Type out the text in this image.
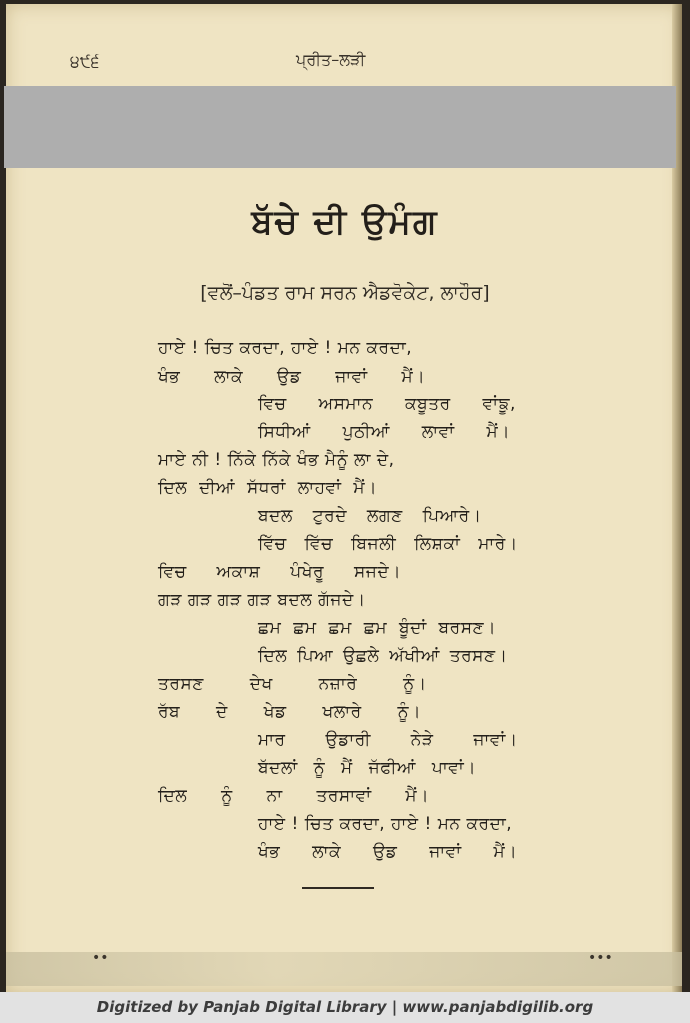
੪੯੬	ਪ੍ਰੀਤ–ਲੜੀ
ਬੱਚੇ ਦੀ ਉਮੰਗ
[ਵਲੋਂ–ਪੰਡਤ ਰਾਮ ਸਰਨ ਐਡਵੋਕੇਟ, ਲਾਹੌਰ]
ਹਾਏ ! ਚਿਤ ਕਰਦਾ, ਹਾਏ ! ਮਨ ਕਰਦਾ,
ਖੰਭ ਲਾਕੇ ਉਡ ਜਾਵਾਂ ਮੈਂ।
ਵਿਚ ਅਸਮਾਨ ਕਬੂਤਰ ਵਾਂਙੂ,
ਸਿਧੀਆਂ ਪੁਠੀਆਂ ਲਾਵਾਂ ਮੈਂ।
ਮਾਏ ਨੀ ! ਨਿੱਕੇ ਨਿੱਕੇ ਖੰਭ ਮੈਨੂੰ ਲਾ ਦੇ,
ਦਿਲ ਦੀਆਂ ਸੱਧਰਾਂ ਲਾਹਵਾਂ ਮੈਂ।
ਬਦਲ ਟੁਰਦੇ ਲਗਣ ਪਿਆਰੇ।
ਵਿੱਚ ਵਿੱਚ ਬਿਜਲੀ ਲਿਸ਼ਕਾਂ ਮਾਰੇ।
ਵਿਚ ਅਕਾਸ਼ ਪੰਖੇਰੂ ਸਜਦੇ।
ਗੜ ਗੜ ਗੜ ਗੜ ਬਦਲ ਗੱਜਦੇ।
ਛਮ ਛਮ ਛਮ ਛਮ ਬੂੰਦਾਂ ਬਰਸਣ।
ਦਿਲ ਪਿਆ ਉਛਲੇ ਅੱਖੀਆਂ ਤਰਸਣ।
ਤਰਸਣ ਦੇਖ ਨਜ਼ਾਰੇ ਨੂੰ।
ਰੱਬ ਦੇ ਖੇਡ ਖਲਾਰੇ ਨੂੰ।
ਮਾਰ ਉਡਾਰੀ ਨੇੜੇ ਜਾਵਾਂ।
ਬੱਦਲਾਂ ਨੂੰ ਮੈਂ ਜੱਫੀਆਂ ਪਾਵਾਂ।
ਦਿਲ ਨੂੰ ਨਾ ਤਰਸਾਵਾਂ ਮੈਂ।
ਹਾਏ ! ਚਿਤ ਕਰਦਾ, ਹਾਏ ! ਮਨ ਕਰਦਾ,
ਖੰਭ ਲਾਕੇ ਉਡ ਜਾਵਾਂ ਮੈਂ।
••	•••
Digitized by Panjab Digital Library | www.panjabdigilib.org
